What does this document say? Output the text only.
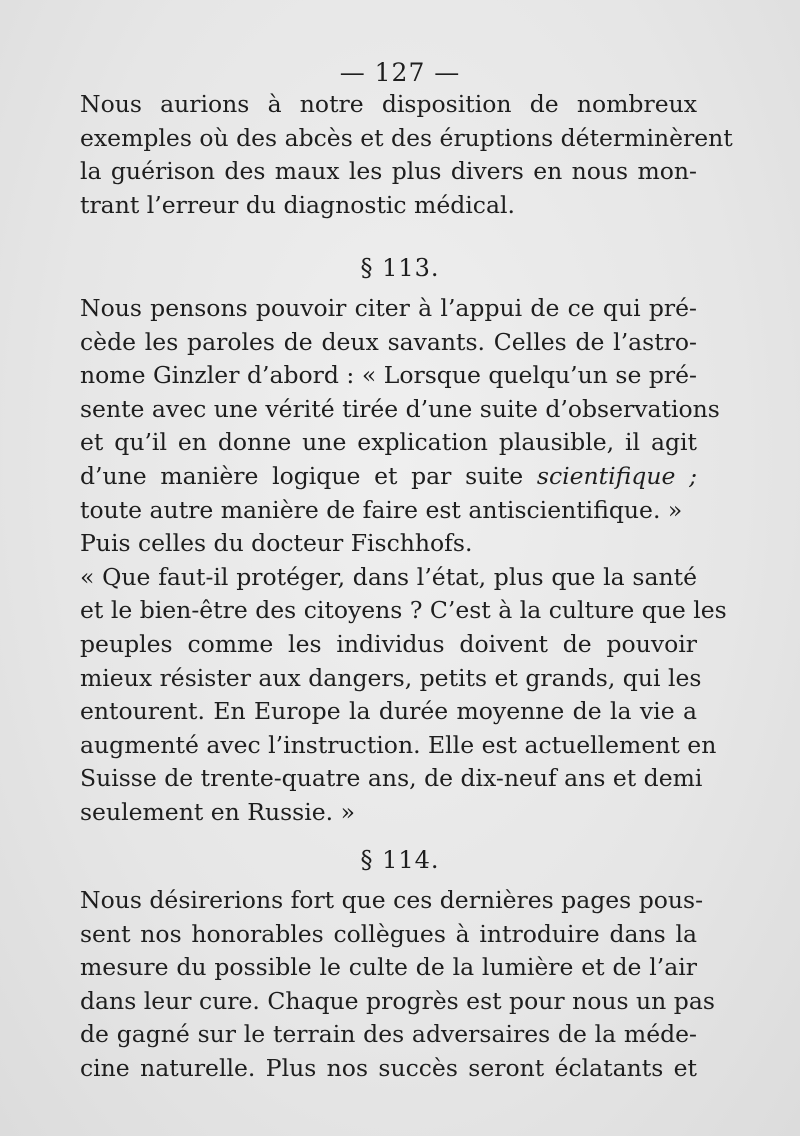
— 127 —
Nous aurions à notre disposition de nombreux
exemples où des abcès et des éruptions déterminèrent
la guérison des maux les plus divers en nous mon-
trant l’erreur du diagnostic médical.
§ 113.
Nous pensons pouvoir citer à l’appui de ce qui pré-
cède les paroles de deux savants. Celles de l’astro-
nome Ginzler d’abord : « Lorsque quelqu’un se pré-
sente avec une vérité tirée d’une suite d’observations
et qu’il en donne une explication plausible, il agit
d’une manière logique et par suite scientifique ;
toute autre manière de faire est antiscientifique. »
Puis celles du docteur Fischhofs.
« Que faut-il protéger, dans l’état, plus que la santé
et le bien-être des citoyens ? C’est à la culture que les
peuples comme les individus doivent de pouvoir
mieux résister aux dangers, petits et grands, qui les
entourent. En Europe la durée moyenne de la vie a
augmenté avec l’instruction. Elle est actuellement en
Suisse de trente-quatre ans, de dix-neuf ans et demi
seulement en Russie. »
§ 114.
Nous désirerions fort que ces dernières pages pous-
sent nos honorables collègues à introduire dans la
mesure du possible le culte de la lumière et de l’air
dans leur cure. Chaque progrès est pour nous un pas
de gagné sur le terrain des adversaires de la méde-
cine naturelle. Plus nos succès seront éclatants et
